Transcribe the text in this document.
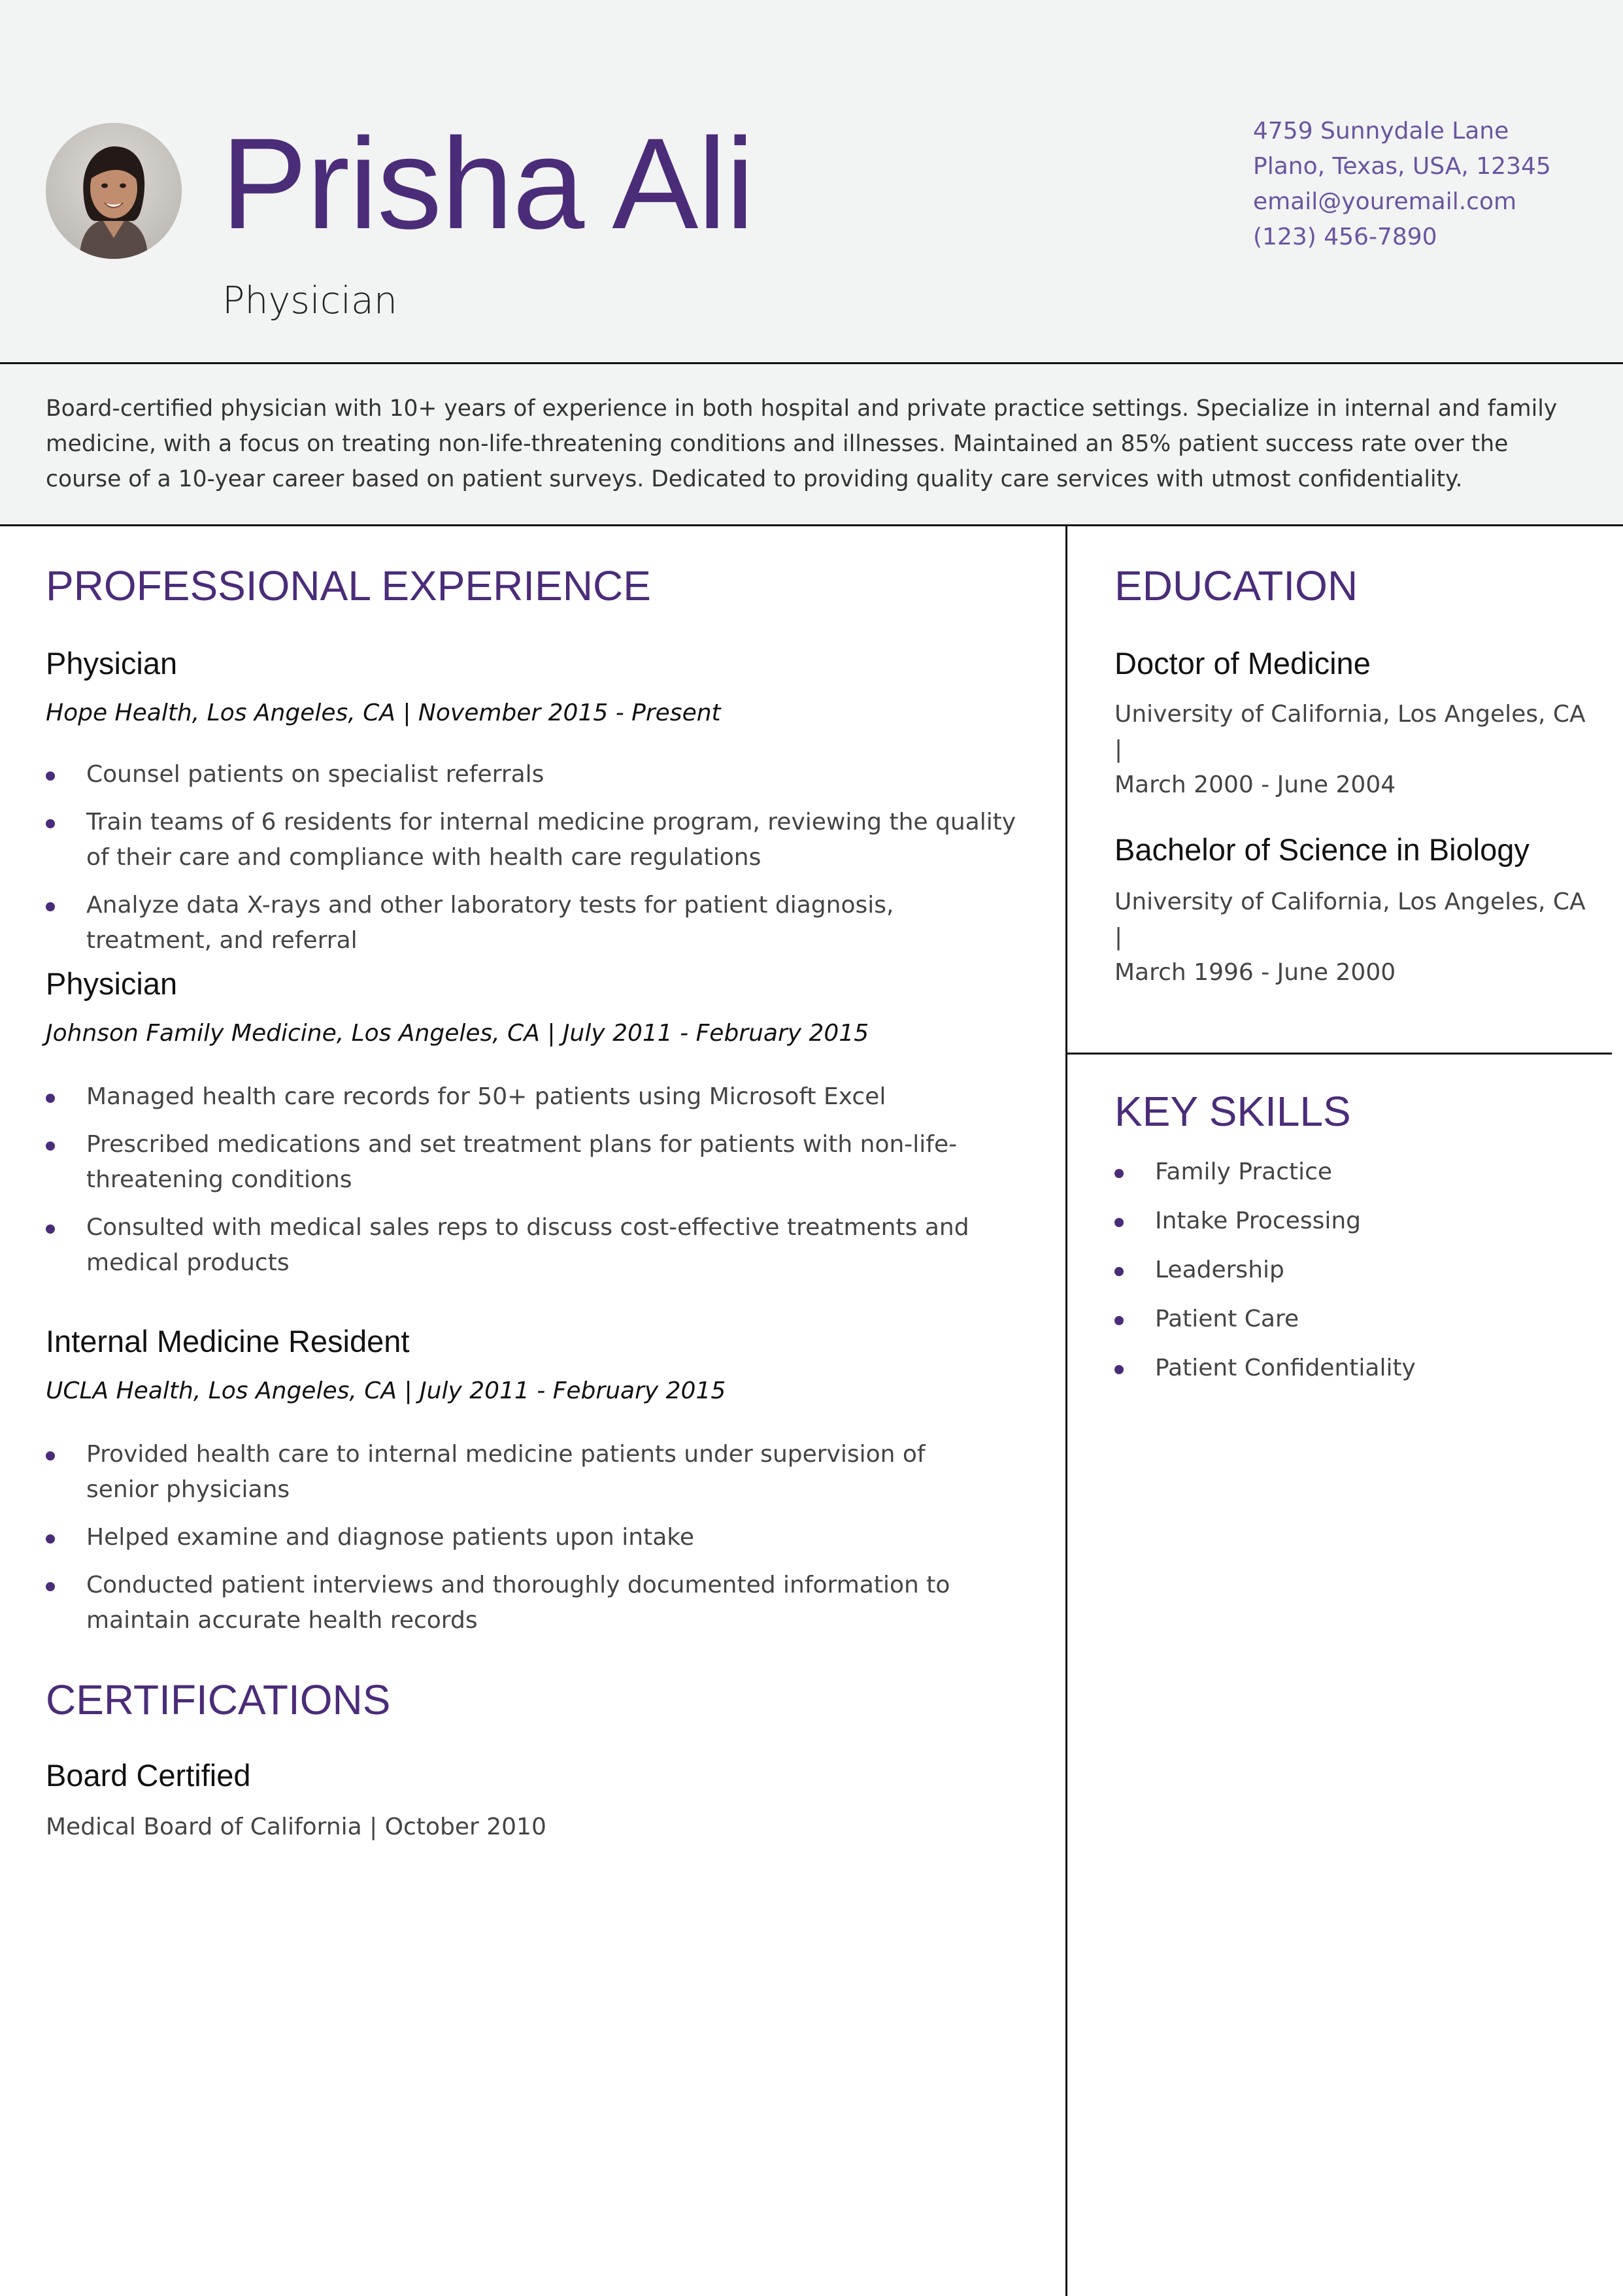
Prisha Ali
Physician
4759 Sunnydale Lane
Plano, Texas, USA, 12345
email@youremail.com
(123) 456-7890

Board-certified physician with 10+ years of experience in both hospital and private practice settings. Specialize in internal and family medicine, with a focus on treating non-life-threatening conditions and illnesses. Maintained an 85% patient success rate over the course of a 10-year career based on patient surveys. Dedicated to providing quality care services with utmost confidentiality.

PROFESSIONAL EXPERIENCE
Physician
Hope Health, Los Angeles, CA | November 2015 - Present
Counsel patients on specialist referrals
Train teams of 6 residents for internal medicine program, reviewing the quality of their care and compliance with health care regulations
Analyze data X-rays and other laboratory tests for patient diagnosis, treatment, and referral
Physician
Johnson Family Medicine, Los Angeles, CA | July 2011 - February 2015
Managed health care records for 50+ patients using Microsoft Excel
Prescribed medications and set treatment plans for patients with non-life-threatening conditions
Consulted with medical sales reps to discuss cost-effective treatments and medical products
Internal Medicine Resident
UCLA Health, Los Angeles, CA | July 2011 - February 2015
Provided health care to internal medicine patients under supervision of senior physicians
Helped examine and diagnose patients upon intake
Conducted patient interviews and thoroughly documented information to maintain accurate health records
CERTIFICATIONS
Board Certified
Medical Board of California | October 2010
EDUCATION
Doctor of Medicine
University of California, Los Angeles, CA |
March 2000 - June 2004
Bachelor of Science in Biology
University of California, Los Angeles, CA |
March 1996 - June 2000
KEY SKILLS
Family Practice
Intake Processing
Leadership
Patient Care
Patient Confidentiality
